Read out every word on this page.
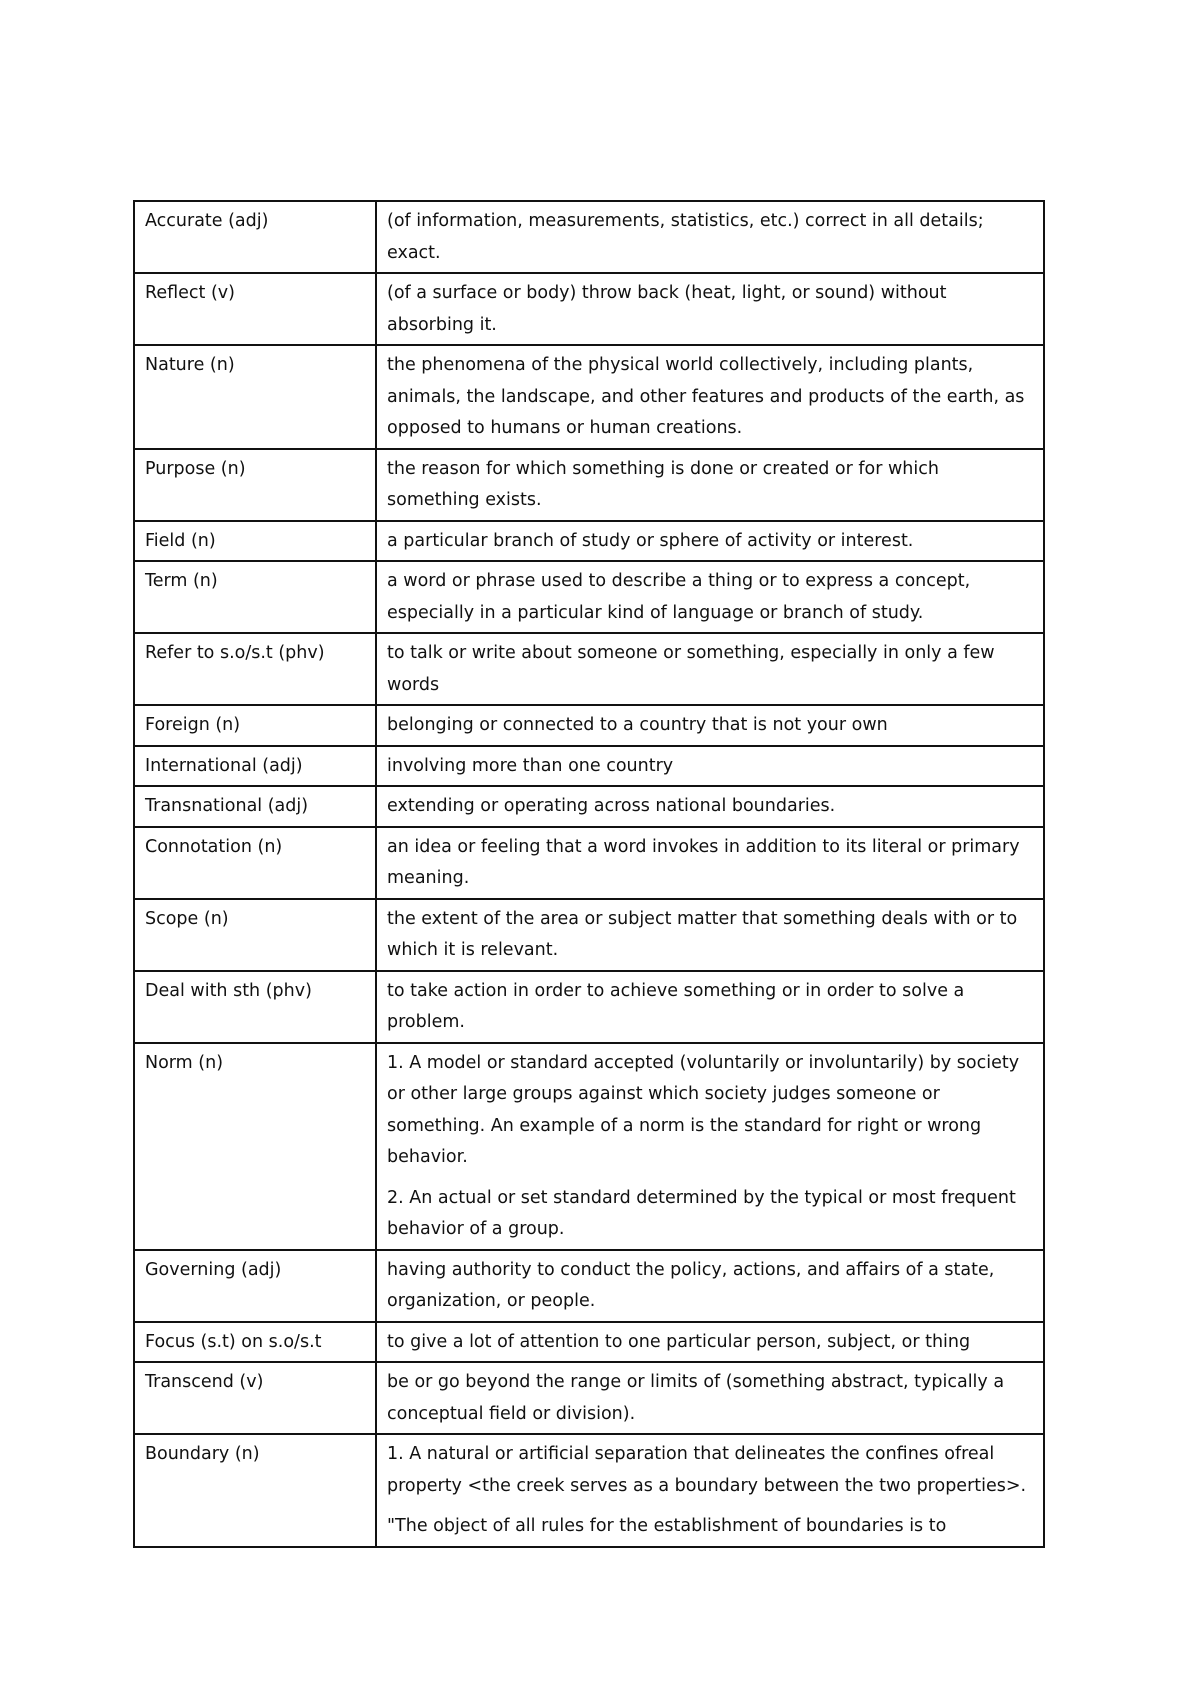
Accurate (adj)	(of information, measurements, statistics, etc.) correct in all details; exact.

Reflect (v)	(of a surface or body) throw back (heat, light, or sound) without absorbing it.

Nature (n)	the phenomena of the physical world collectively, including plants, animals, the landscape, and other features and products of the earth, as opposed to humans or human creations.

Purpose (n)	the reason for which something is done or created or for which something exists.

Field (n)	a particular branch of study or sphere of activity or interest.

Term (n)	a word or phrase used to describe a thing or to express a concept, especially in a particular kind of language or branch of study.

Refer to s.o/s.t (phv)	to talk or write about someone or something, especially in only a few words

Foreign (n)	belonging or connected to a country that is not your own

International (adj)	involving more than one country

Transnational (adj)	extending or operating across national boundaries.

Connotation (n)	an idea or feeling that a word invokes in addition to its literal or primary meaning.

Scope (n)	the extent of the area or subject matter that something deals with or to which it is relevant.

Deal with sth (phv)	to take action in order to achieve something or in order to solve a problem.

Norm (n)	1. A model or standard accepted (voluntarily or involuntarily) by society or other large groups against which society judges someone or something. An example of a norm is the standard for right or wrong behavior.

2. An actual or set standard determined by the typical or most frequent behavior of a group.

Governing (adj)	having authority to conduct the policy, actions, and affairs of a state, organization, or people.

Focus (s.t) on s.o/s.t	to give a lot of attention to one particular person, subject, or thing

Transcend (v)	be or go beyond the range or limits of (something abstract, typically a conceptual field or division).

Boundary (n)	1. A natural or artificial separation that delineates the confines ofreal property <the creek serves as a boundary between the two properties>.

"The object of all rules for the establishment of boundaries is to
